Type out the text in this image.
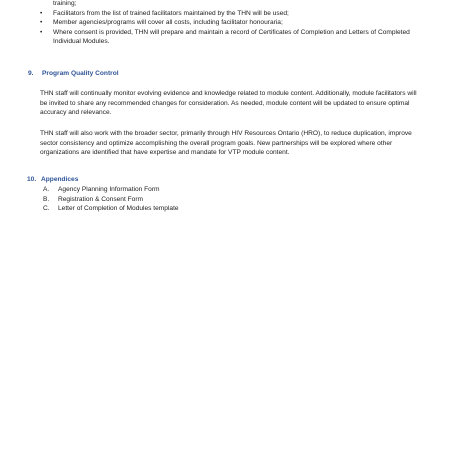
training;
•	Facilitators from the list of trained facilitators maintained by the THN will be used;
•	Member agencies/programs will cover all costs, including facilitator honouraria;
•	Where consent is provided, THN will prepare and maintain a record of Certificates of Completion and Letters of Completed Individual Modules.
9. Program Quality Control

THN staff will continually monitor evolving evidence and knowledge related to module content. Additionally, module facilitators will be invited to share any recommended changes for consideration. As needed, module content will be updated to ensure optimal accuracy and relevance.

THN staff will also work with the broader sector, primarily through HIV Resources Ontario (HRO), to reduce duplication, improve sector consistency and optimize accomplishing the overall program goals. New partnerships will be explored where other organizations are identified that have expertise and mandate for VTP module content.

10. Appendices
A. Agency Planning Information Form
B. Registration & Consent Form
C. Letter of Completion of Modules template
